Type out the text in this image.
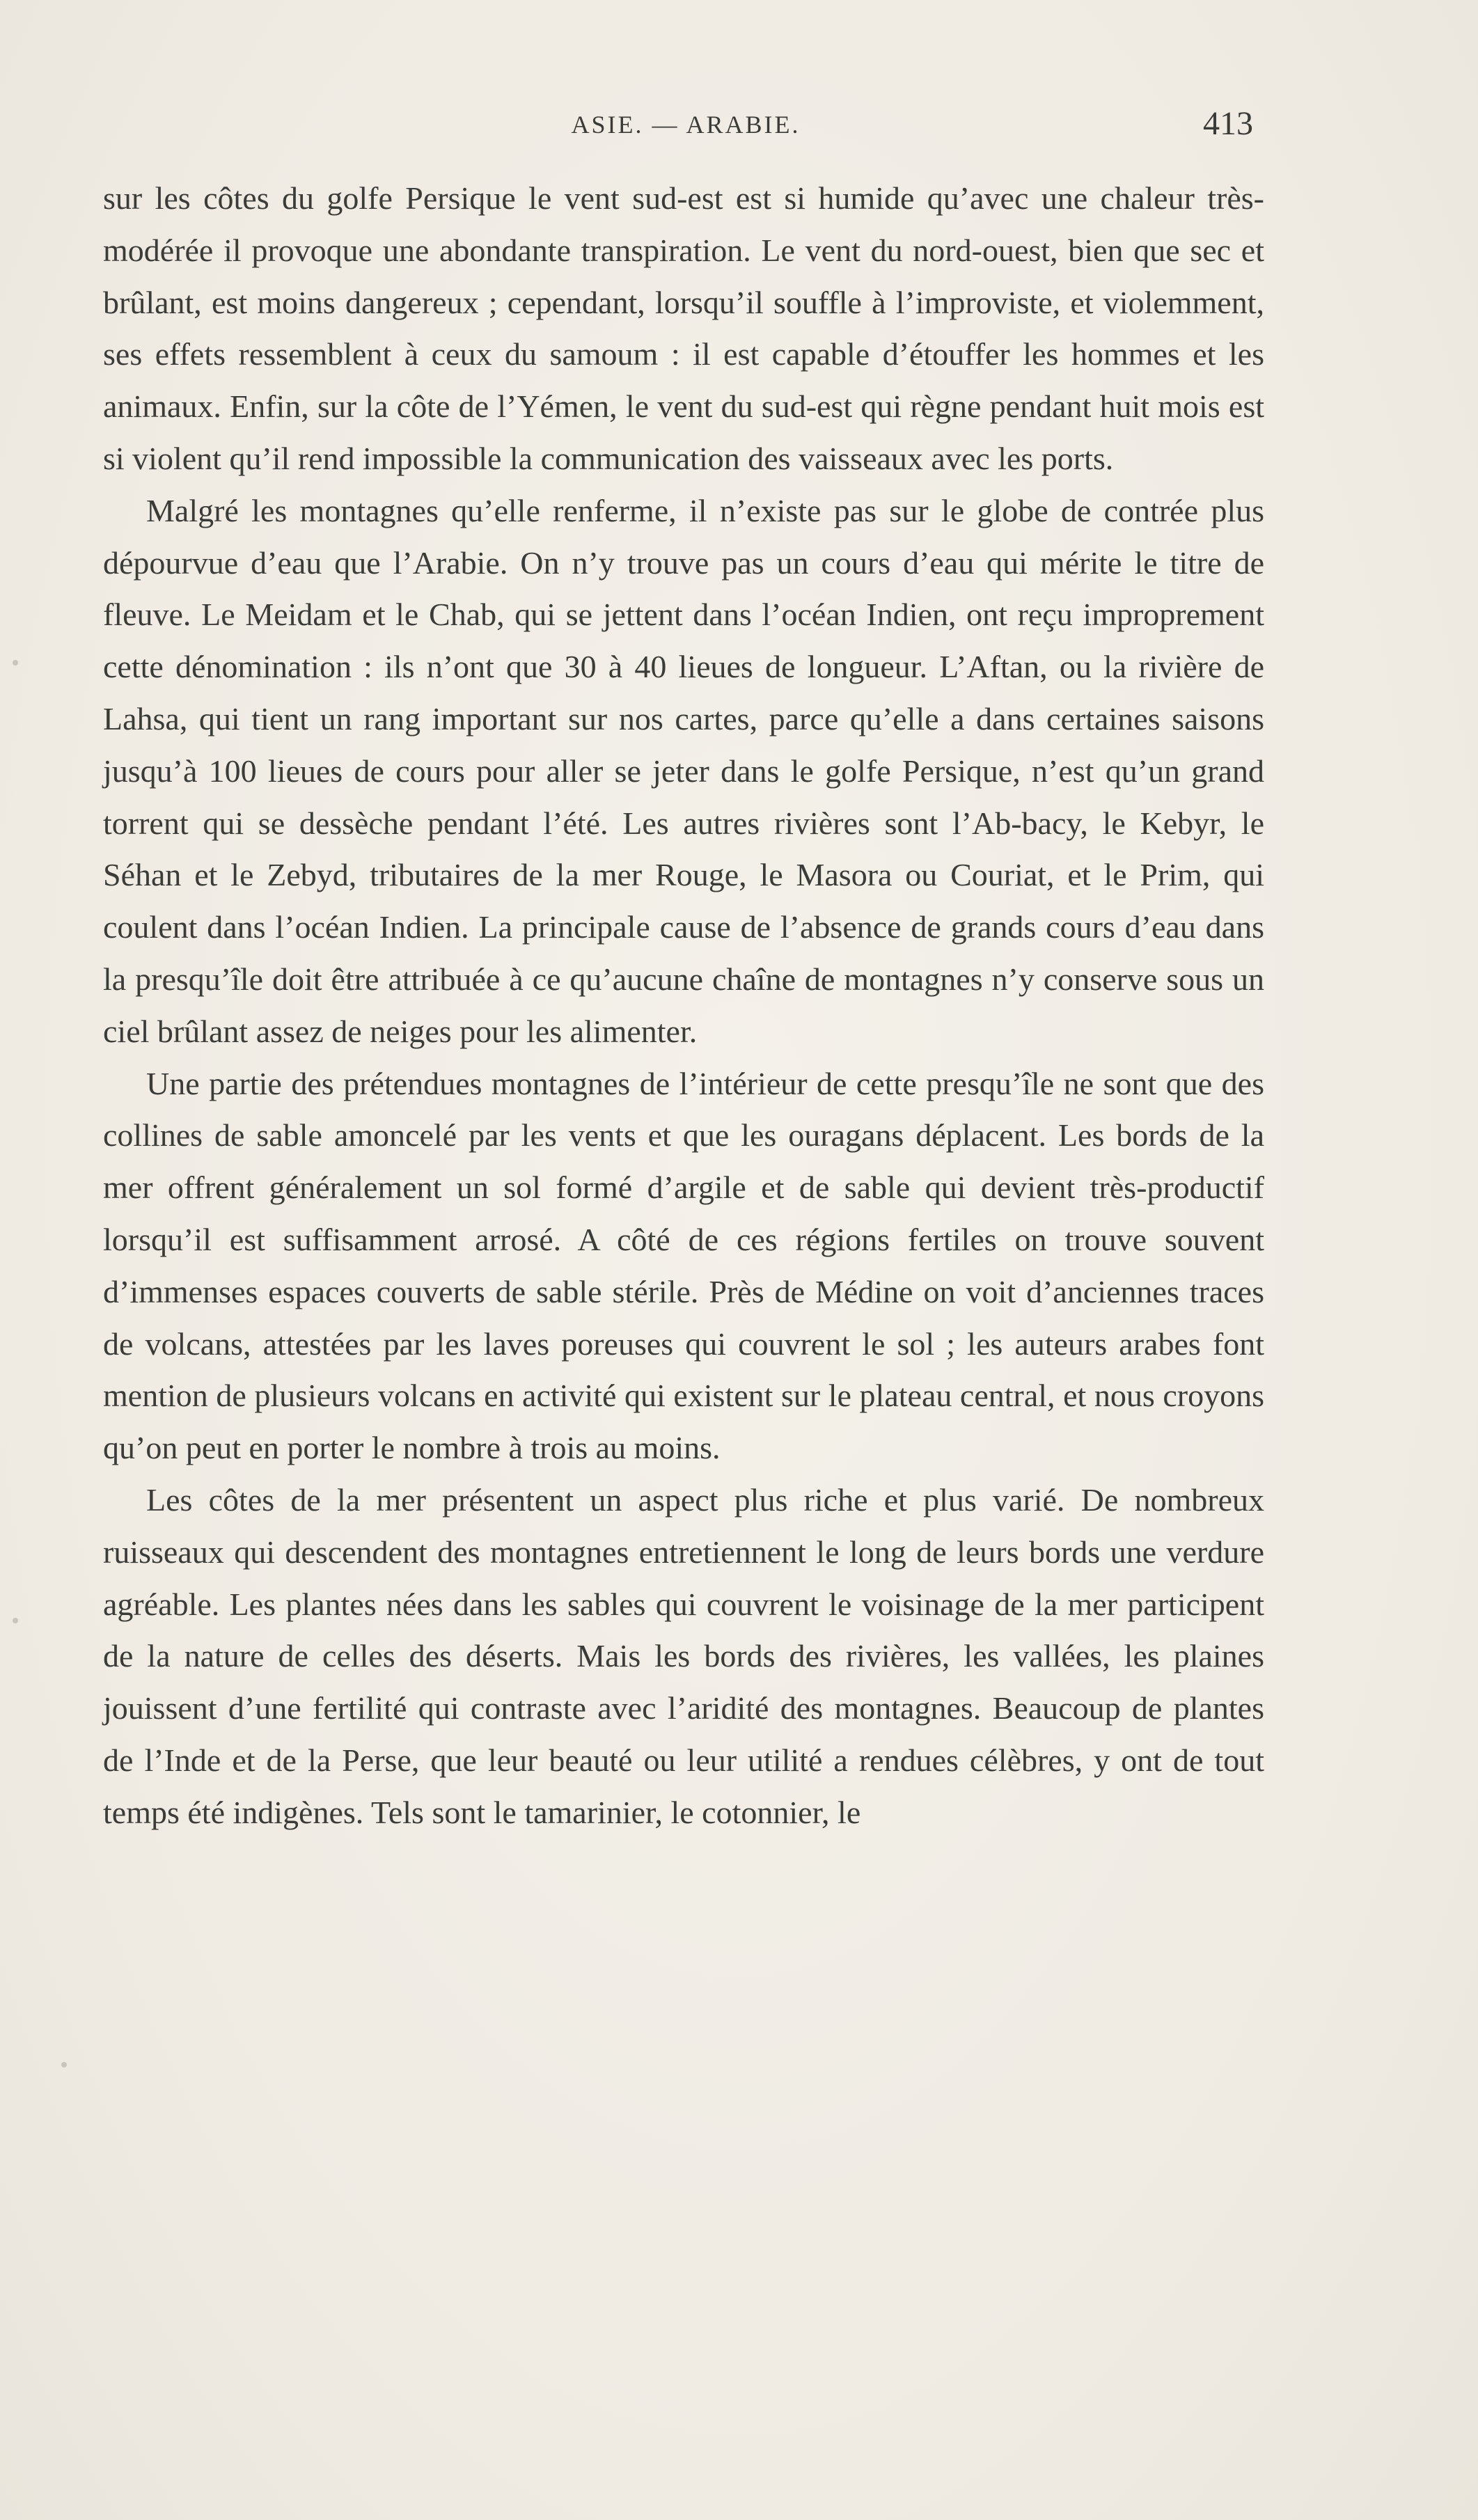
ASIE. — ARABIE.	413

sur les côtes du golfe Persique le vent sud-est est si humide qu’avec une chaleur très-modérée il provoque une abondante transpiration. Le vent du nord-ouest, bien que sec et brûlant, est moins dangereux ; cependant, lorsqu’il souffle à l’improviste, et violemment, ses effets ressemblent à ceux du samoum : il est capable d’étouffer les hommes et les animaux. Enfin, sur la côte de l’Yémen, le vent du sud-est qui règne pendant huit mois est si violent qu’il rend impossible la communication des vaisseaux avec les ports.

Malgré les montagnes qu’elle renferme, il n’existe pas sur le globe de contrée plus dépourvue d’eau que l’Arabie. On n’y trouve pas un cours d’eau qui mérite le titre de fleuve. Le Meidam et le Chab, qui se jettent dans l’océan Indien, ont reçu improprement cette dénomination : ils n’ont que 30 à 40 lieues de longueur. L’Aftan, ou la rivière de Lahsa, qui tient un rang important sur nos cartes, parce qu’elle a dans certaines saisons jusqu’à 100 lieues de cours pour aller se jeter dans le golfe Persique, n’est qu’un grand torrent qui se dessèche pendant l’été. Les autres rivières sont l’Ab-bacy, le Kebyr, le Séhan et le Zebyd, tributaires de la mer Rouge, le Masora ou Couriat, et le Prim, qui coulent dans l’océan Indien. La principale cause de l’absence de grands cours d’eau dans la presqu’île doit être attribuée à ce qu’aucune chaîne de montagnes n’y conserve sous un ciel brûlant assez de neiges pour les alimenter.

Une partie des prétendues montagnes de l’intérieur de cette presqu’île ne sont que des collines de sable amoncelé par les vents et que les ouragans déplacent. Les bords de la mer offrent généralement un sol formé d’argile et de sable qui devient très-productif lorsqu’il est suffisamment arrosé. A côté de ces régions fertiles on trouve souvent d’immenses espaces couverts de sable stérile. Près de Médine on voit d’anciennes traces de volcans, attestées par les laves poreuses qui couvrent le sol ; les auteurs arabes font mention de plusieurs volcans en activité qui existent sur le plateau central, et nous croyons qu’on peut en porter le nombre à trois au moins.

Les côtes de la mer présentent un aspect plus riche et plus varié. De nombreux ruisseaux qui descendent des montagnes entretiennent le long de leurs bords une verdure agréable. Les plantes nées dans les sables qui couvrent le voisinage de la mer participent de la nature de celles des déserts. Mais les bords des rivières, les vallées, les plaines jouissent d’une fertilité qui contraste avec l’aridité des montagnes. Beaucoup de plantes de l’Inde et de la Perse, que leur beauté ou leur utilité a rendues célèbres, y ont de tout temps été indigènes. Tels sont le tamarinier, le cotonnier, le
